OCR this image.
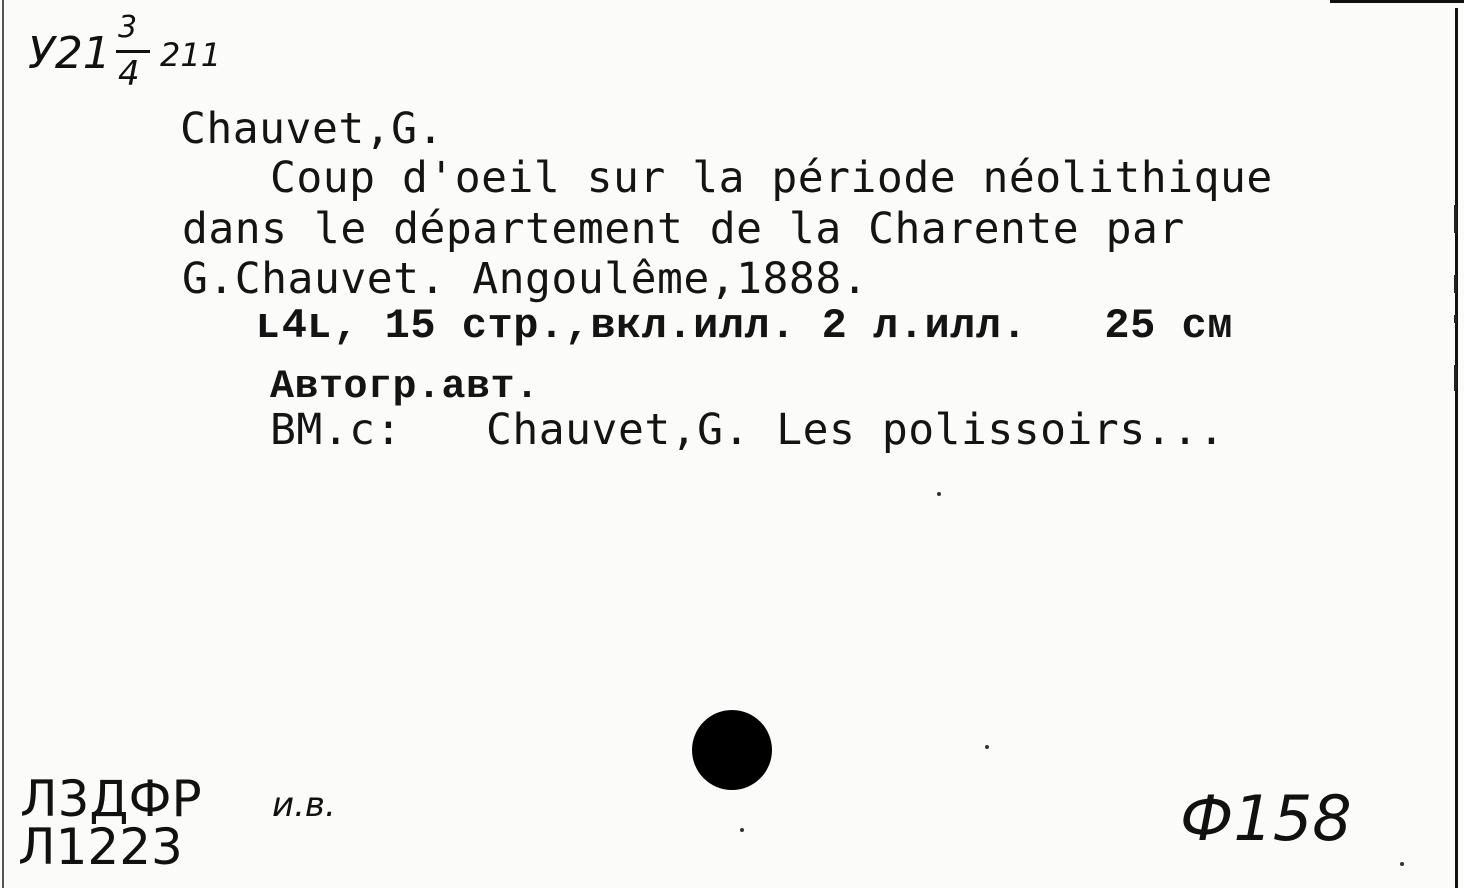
У21
3
4 211
Chauvet,G.
Coup d'oeil sur la période néolithique
dans le département de la Charente par
G.Chauvet. Angoulême,1888.
ւ4ւ, 15 стр.,вкл.илл. 2 л.илл.   25 см
Автогр.авт.
ВМ.с: Chauvet,G. Les polissoirs...
Л3ДФР и.в.
Л1223	Ф158
